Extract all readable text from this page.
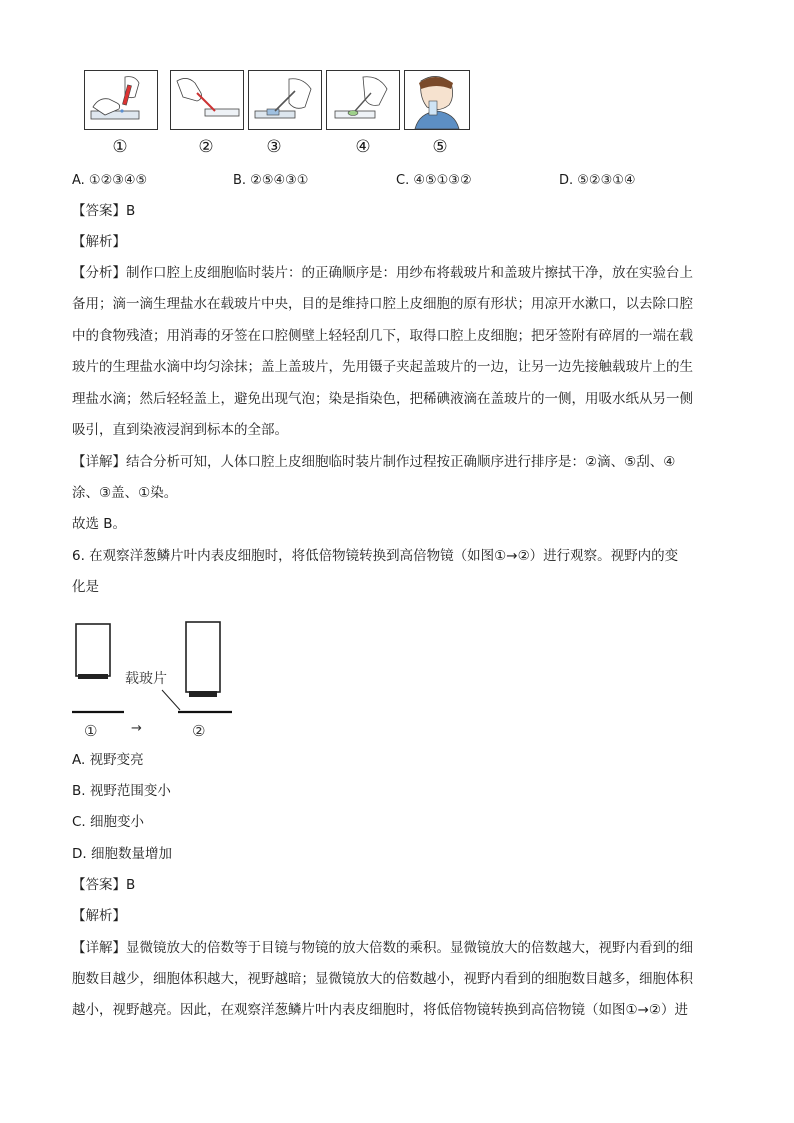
①	②	③	④	⑤
A. ①②③④⑤	B. ②⑤④③①	C. ④⑤①③②	D. ⑤②③①④
【答案】B
【解析】
【分析】制作口腔上皮细胞临时装片：的正确顺序是：用纱布将载玻片和盖玻片擦拭干净，放在实验台上
备用；滴一滴生理盐水在载玻片中央，目的是维持口腔上皮细胞的原有形状；用凉开水漱口，以去除口腔
中的食物残渣；用消毒的牙签在口腔侧壁上轻轻刮几下，取得口腔上皮细胞；把牙签附有碎屑的一端在载
玻片的生理盐水滴中均匀涂抹；盖上盖玻片，先用镊子夹起盖玻片的一边，让另一边先接触载玻片上的生
理盐水滴；然后轻轻盖上，避免出现气泡；染是指染色，把稀碘液滴在盖玻片的一侧，用吸水纸从另一侧
吸引，直到染液浸润到标本的全部。
【详解】结合分析可知，人体口腔上皮细胞临时装片制作过程按正确顺序进行排序是：②滴、⑤刮、④
涂、③盖、①染。
故选 B。
6. 在观察洋葱鳞片叶内表皮细胞时，将低倍物镜转换到高倍物镜（如图①→②）进行观察。视野内的变
化是
载玻片
①	→	②
A. 视野变亮
B. 视野范围变小
C. 细胞变小
D. 细胞数量增加
【答案】B
【解析】
【详解】显微镜放大的倍数等于目镜与物镜的放大倍数的乘积。显微镜放大的倍数越大，视野内看到的细
胞数目越少，细胞体积越大，视野越暗；显微镜放大的倍数越小，视野内看到的细胞数目越多，细胞体积
越小，视野越亮。因此，在观察洋葱鳞片叶内表皮细胞时，将低倍物镜转换到高倍物镜（如图①→②）进
